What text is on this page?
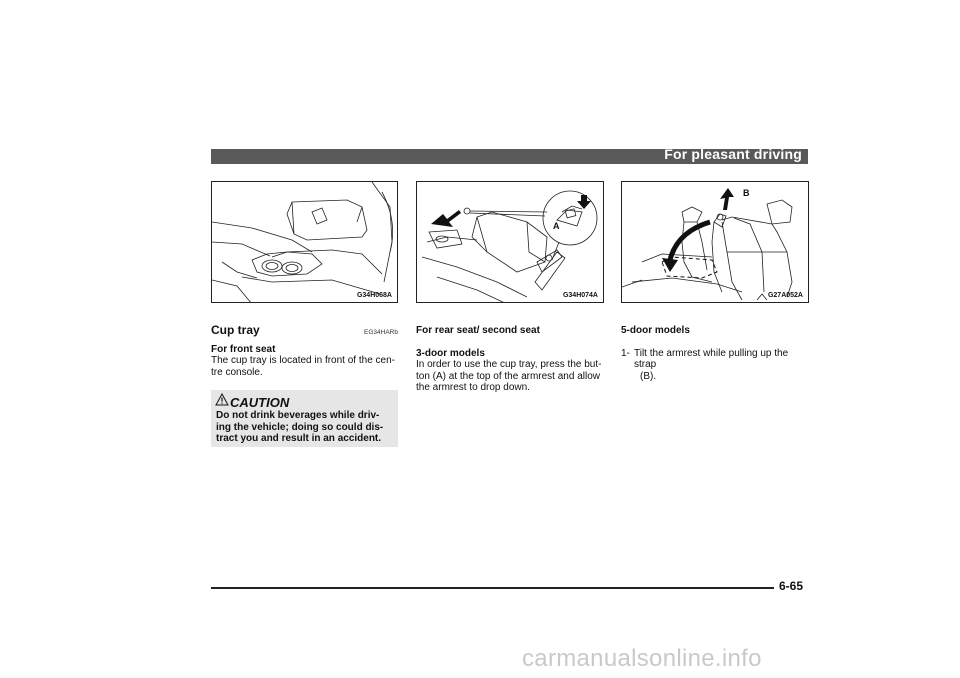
For pleasant driving
G34H068A
A
G34H074A
B
G27A052A
Cup tray	EG34HARb
For front seat
The cup tray is located in front of the cen-
tre console.
CAUTION
Do not drink beverages while driv-
ing the vehicle; doing so could dis-
tract you and result in an accident.
For rear seat/ second seat
3-door models
In order to use the cup tray, press the but-
ton (A) at the top of the armrest and allow
the armrest to drop down.
5-door models
1- Tilt the armrest while pulling up the strap
(B).
6-65
carmanualsonline.info
